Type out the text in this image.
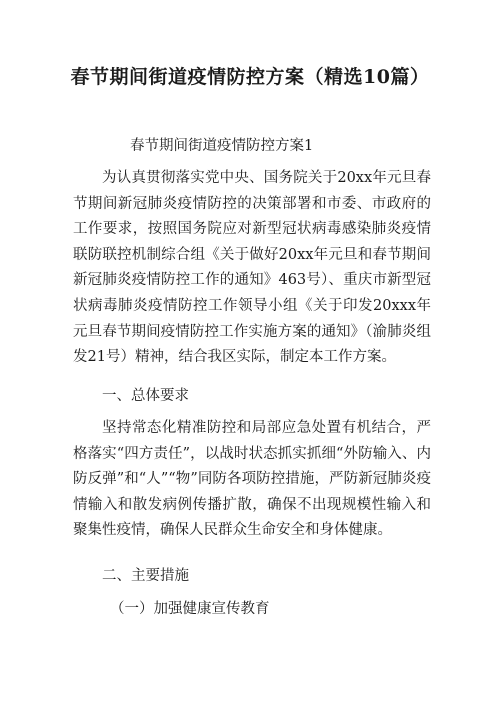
春节期间街道疫情防控方案（精选10篇）

春节期间街道疫情防控方案1

为认真贯彻落实党中央、国务院关于20xx年元旦春节期间新冠肺炎疫情防控的决策部署和市委、市政府的工作要求，按照国务院应对新型冠状病毒感染肺炎疫情联防联控机制综合组《关于做好20xx年元旦和春节期间新冠肺炎疫情防控工作的通知》463号）、重庆市新型冠状病毒肺炎疫情防控工作领导小组《关于印发20xxx年元旦春节期间疫情防控工作实施方案的通知》（渝肺炎组发21号）精神，结合我区实际，制定本工作方案。

一、总体要求

坚持常态化精准防控和局部应急处置有机结合，严格落实“四方责任”，以战时状态抓实抓细“外防输入、内防反弹”和“人”“物”同防各项防控措施，严防新冠肺炎疫情输入和散发病例传播扩散，确保不出现规模性输入和聚集性疫情，确保人民群众生命安全和身体健康。

二、主要措施

（一）加强健康宣传教育
